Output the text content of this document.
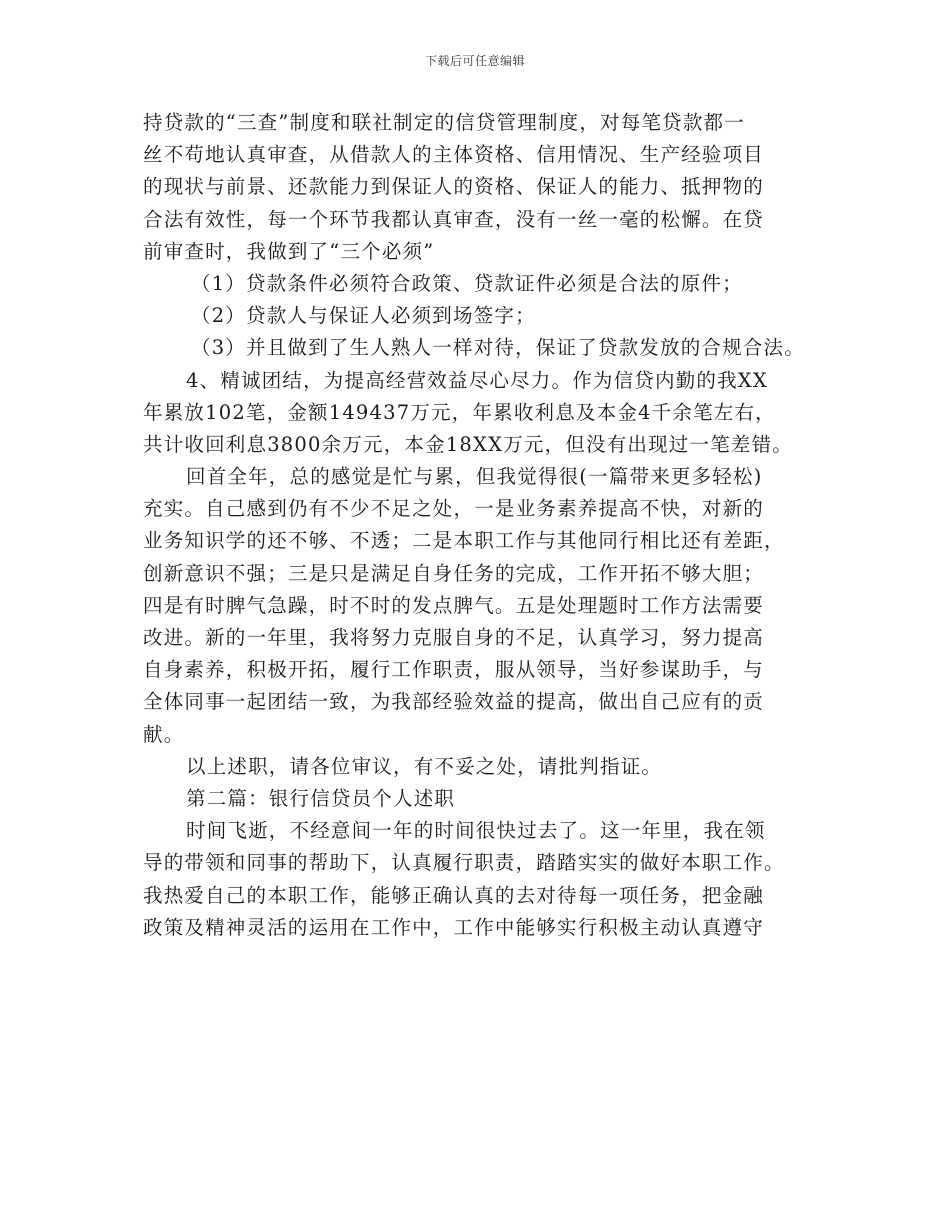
下载后可任意编辑
持贷款的“三查”制度和联社制定的信贷管理制度，对每笔贷款都一
丝不苟地认真审查，从借款人的主体资格、信用情况、生产经验项目
的现状与前景、还款能力到保证人的资格、保证人的能力、抵押物的
合法有效性，每一个环节我都认真审查，没有一丝一毫的松懈。在贷
前审查时，我做到了“三个必须”
（1）贷款条件必须符合政策、贷款证件必须是合法的原件；
（2）贷款人与保证人必须到场签字；
（3）并且做到了生人熟人一样对待，保证了贷款发放的合规合法。
4、精诚团结，为提高经营效益尽心尽力。作为信贷内勤的我XX
年累放102笔，金额149437万元，年累收利息及本金4千余笔左右，
共计收回利息3800余万元，本金18XX万元，但没有出现过一笔差错。
回首全年，总的感觉是忙与累，但我觉得很(一篇带来更多轻松)
充实。自己感到仍有不少不足之处，一是业务素养提高不快，对新的
业务知识学的还不够、不透；二是本职工作与其他同行相比还有差距，
创新意识不强；三是只是满足自身任务的完成，工作开拓不够大胆；
四是有时脾气急躁，时不时的发点脾气。五是处理题时工作方法需要
改进。新的一年里，我将努力克服自身的不足，认真学习，努力提高
自身素养，积极开拓，履行工作职责，服从领导，当好参谋助手，与
全体同事一起团结一致，为我部经验效益的提高，做出自己应有的贡
献。
以上述职，请各位审议，有不妥之处，请批判指证。
第二篇：银行信贷员个人述职
时间飞逝，不经意间一年的时间很快过去了。这一年里，我在领
导的带领和同事的帮助下，认真履行职责，踏踏实实的做好本职工作。
我热爱自己的本职工作，能够正确认真的去对待每一项任务，把金融
政策及精神灵活的运用在工作中，工作中能够实行积极主动认真遵守
